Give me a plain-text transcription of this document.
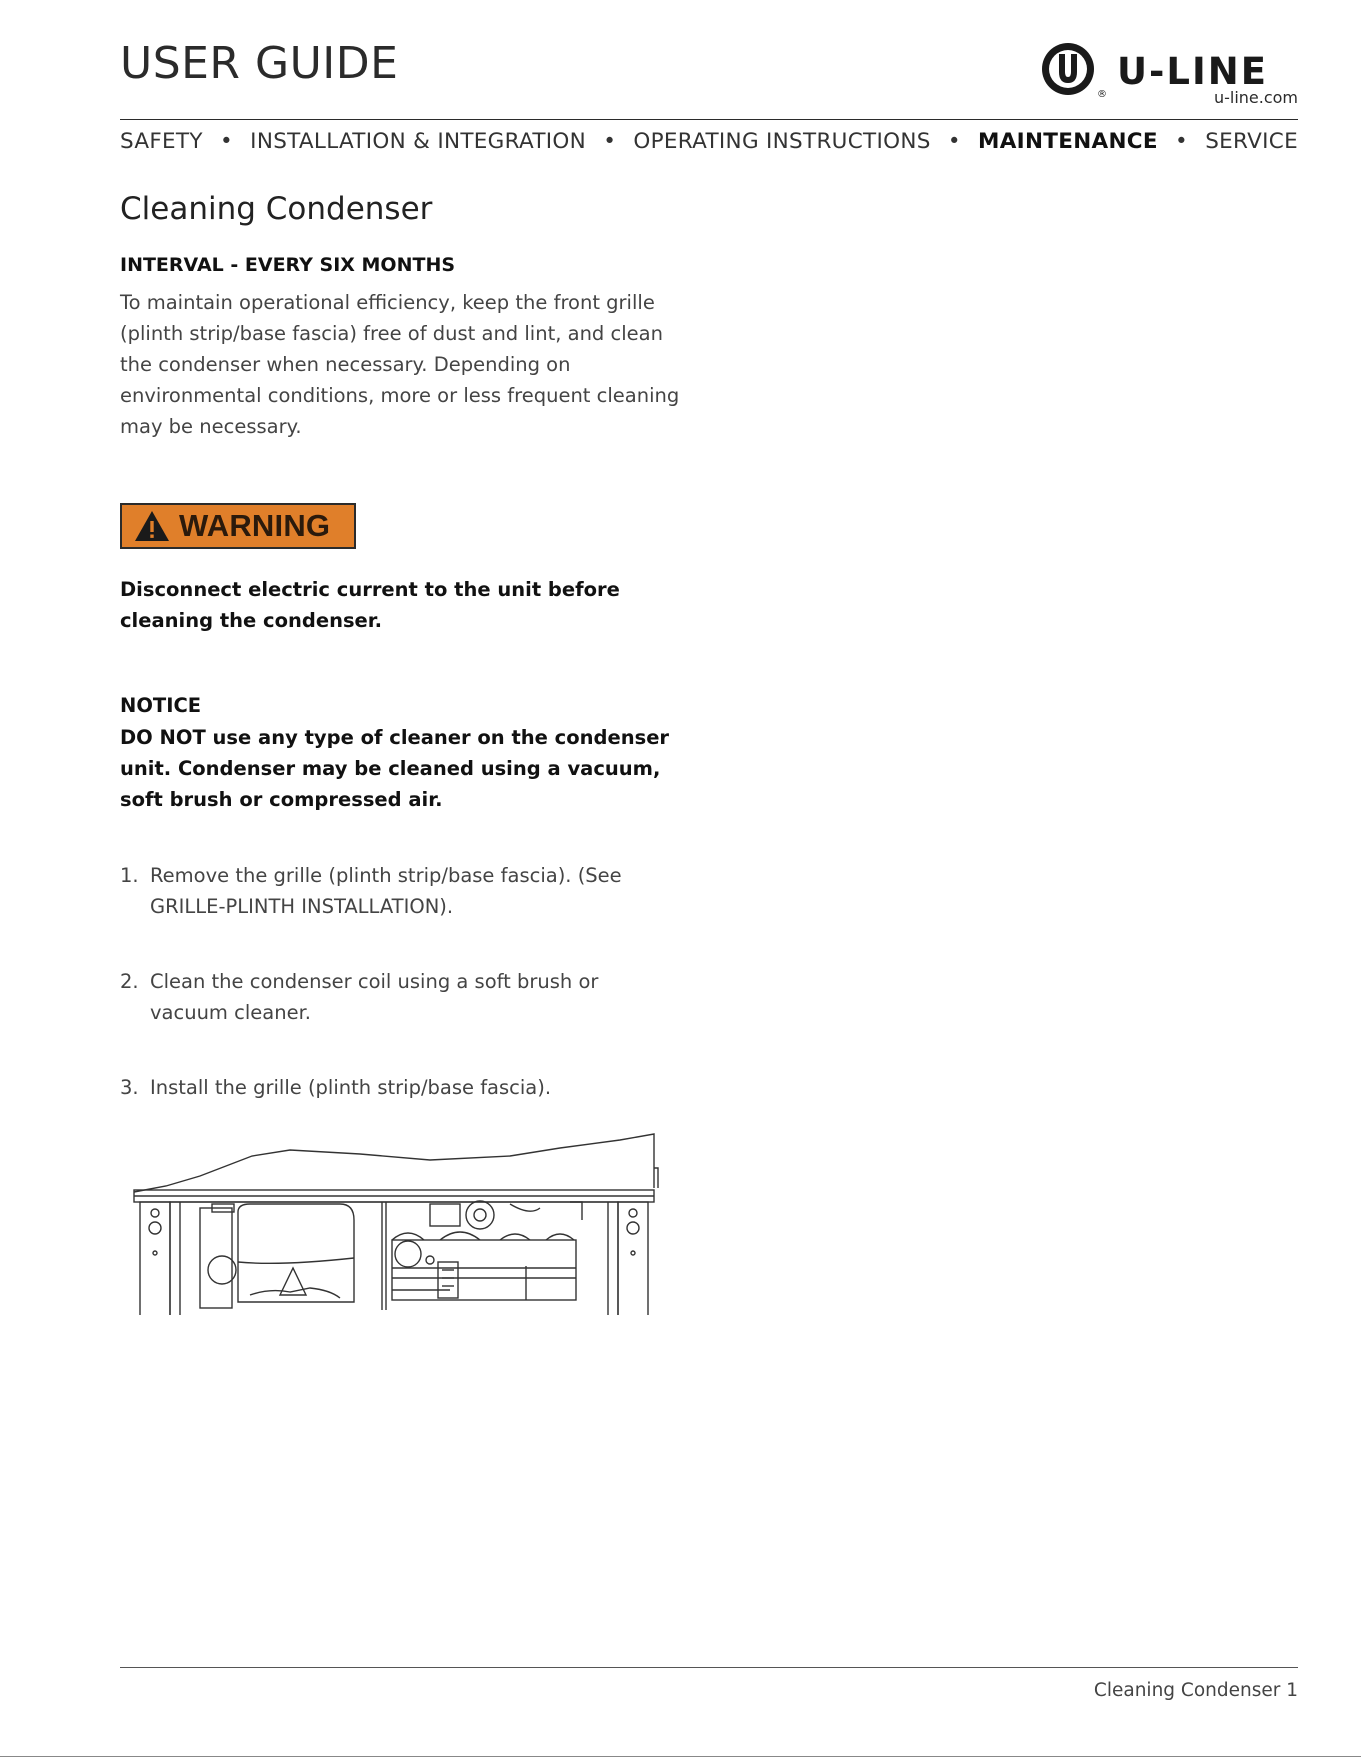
USER GUIDE
®
U-LINE
u-line.com
SAFETY • INSTALLATION & INTEGRATION • OPERATING INSTRUCTIONS • MAINTENANCE • SERVICE
Cleaning Condenser

INTERVAL - EVERY SIX MONTHS

To maintain operational efficiency, keep the front grille (plinth strip/base fascia) free of dust and lint, and clean the condenser when necessary. Depending on environmental conditions, more or less frequent cleaning may be necessary.

WARNING

Disconnect electric current to the unit before cleaning the condenser.

NOTICE

DO NOT use any type of cleaner on the condenser unit. Condenser may be cleaned using a vacuum, soft brush or compressed air.

1. Remove the grille (plinth strip/base fascia). (See GRILLE-PLINTH INSTALLATION).
2. Clean the condenser coil using a soft brush or vacuum cleaner.
3. Install the grille (plinth strip/base fascia).
Cleaning Condenser 1
